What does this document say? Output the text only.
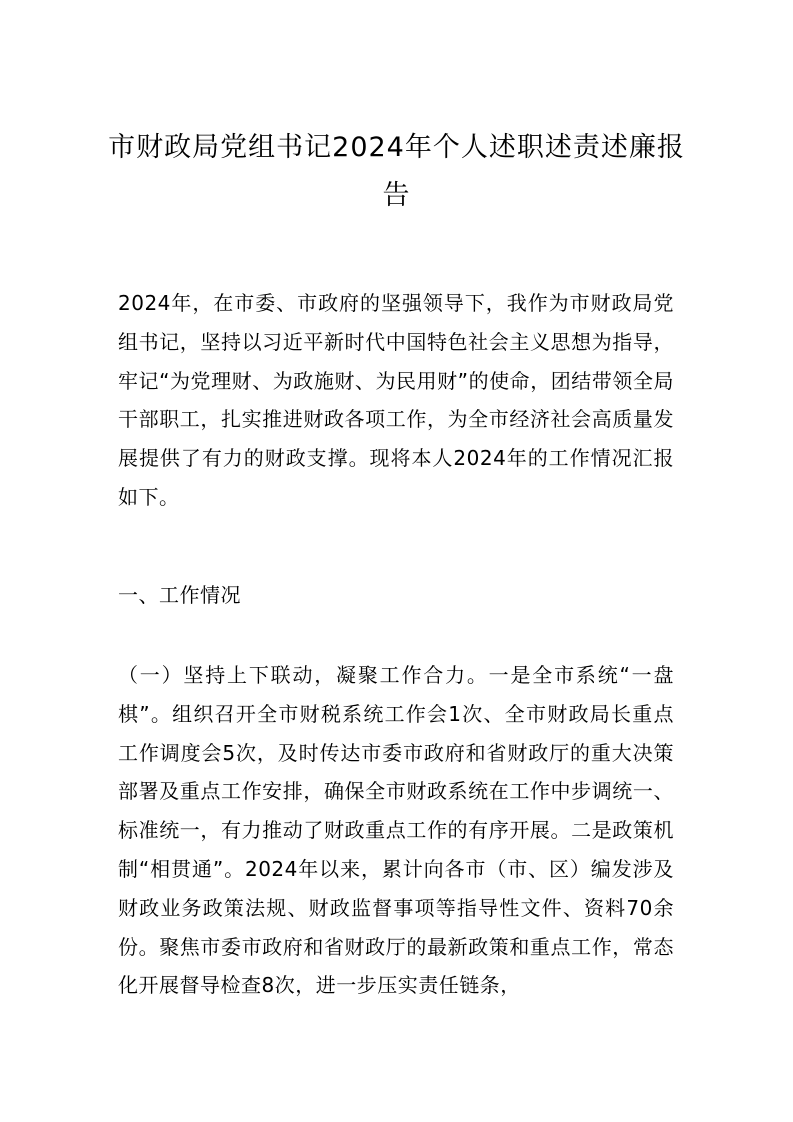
市财政局党组书记2024年个人述职述责述廉报告

2024年，在市委、市政府的坚强领导下，我作为市财政局党组书记，坚持以习近平新时代中国特色社会主义思想为指导，牢记“为党理财、为政施财、为民用财”的使命，团结带领全局干部职工，扎实推进财政各项工作，为全市经济社会高质量发展提供了有力的财政支撑。现将本人2024年的工作情况汇报如下。

一、工作情况

（一）坚持上下联动，凝聚工作合力。一是全市系统“一盘棋”。组织召开全市财税系统工作会1次、全市财政局长重点工作调度会5次，及时传达市委市政府和省财政厅的重大决策部署及重点工作安排，确保全市财政系统在工作中步调统一、标准统一，有力推动了财政重点工作的有序开展。二是政策机制“相贯通”。2024年以来，累计向各市（市、区）编发涉及财政业务政策法规、财政监督事项等指导性文件、资料70余份。聚焦市委市政府和省财政厅的最新政策和重点工作，常态化开展督导检查8次，进一步压实责任链条，
